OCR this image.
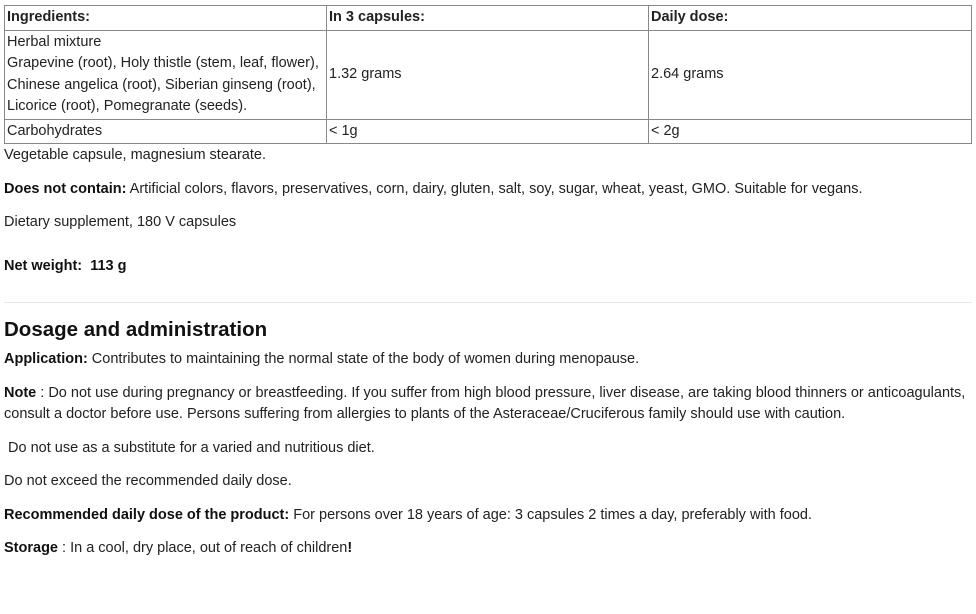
Ingredients:	In 3 capsules:	Daily dose:

Herbal mixture
Grapevine (root), Holy thistle (stem, leaf, flower), Chinese angelica (root), Siberian ginseng (root), Licorice (root), Pomegranate (seeds).	1.32 grams	2.64 grams
Carbohydrates	< 1g	< 2g

Vegetable capsule, magnesium stearate.

Does not contain: Artificial colors, flavors, preservatives, corn, dairy, gluten, salt, soy, sugar, wheat, yeast, GMO. Suitable for vegans.

Dietary supplement, 180 V capsules

Net weight: 113 g

Dosage and administration

Application: Contributes to maintaining the normal state of the body of women during menopause.

Note : Do not use during pregnancy or breastfeeding. If you suffer from high blood pressure, liver disease, are taking blood thinners or anticoagulants, consult a doctor before use. Persons suffering from allergies to plants of the Asteraceae/Cruciferous family should use with caution.

Do not use as a substitute for a varied and nutritious diet.

Do not exceed the recommended daily dose.

Recommended daily dose of the product: For persons over 18 years of age: 3 capsules 2 times a day, preferably with food.

Storage : In a cool, dry place, out of reach of children!
